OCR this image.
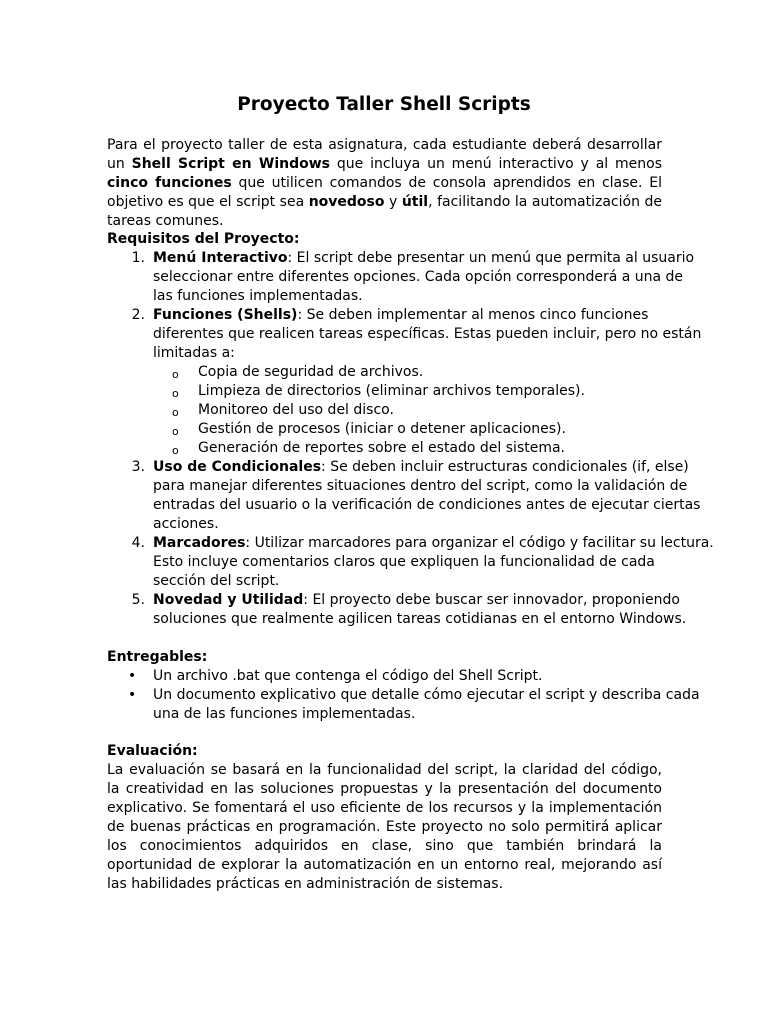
Proyecto Taller Shell Scripts
Para el proyecto taller de esta asignatura, cada estudiante deberá desarrollar un Shell Script en Windows que incluya un menú interactivo y al menos cinco funciones que utilicen comandos de consola aprendidos en clase. El objetivo es que el script sea novedoso y útil, facilitando la automatización de tareas comunes.
Requisitos del Proyecto:
1. Menú Interactivo: El script debe presentar un menú que permita al usuario
seleccionar entre diferentes opciones. Cada opción corresponderá a una de
las funciones implementadas.
2. Funciones (Shells): Se deben implementar al menos cinco funciones
diferentes que realicen tareas específicas. Estas pueden incluir, pero no están
limitadas a:
o Copia de seguridad de archivos.
o Limpieza de directorios (eliminar archivos temporales).
o Monitoreo del uso del disco.
o Gestión de procesos (iniciar o detener aplicaciones).
o Generación de reportes sobre el estado del sistema.
3. Uso de Condicionales: Se deben incluir estructuras condicionales (if, else)
para manejar diferentes situaciones dentro del script, como la validación de
entradas del usuario o la verificación de condiciones antes de ejecutar ciertas
acciones.
4. Marcadores: Utilizar marcadores para organizar el código y facilitar su lectura.
Esto incluye comentarios claros que expliquen la funcionalidad de cada
sección del script.
5. Novedad y Utilidad: El proyecto debe buscar ser innovador, proponiendo
soluciones que realmente agilicen tareas cotidianas en el entorno Windows.
Entregables:
• Un archivo .bat que contenga el código del Shell Script.
• Un documento explicativo que detalle cómo ejecutar el script y describa cada
una de las funciones implementadas.
Evaluación:
La evaluación se basará en la funcionalidad del script, la claridad del código, la creatividad en las soluciones propuestas y la presentación del documento explicativo. Se fomentará el uso eficiente de los recursos y la implementación de buenas prácticas en programación. Este proyecto no solo permitirá aplicar los conocimientos adquiridos en clase, sino que también brindará la oportunidad de explorar la automatización en un entorno real, mejorando así las habilidades prácticas en administración de sistemas.
